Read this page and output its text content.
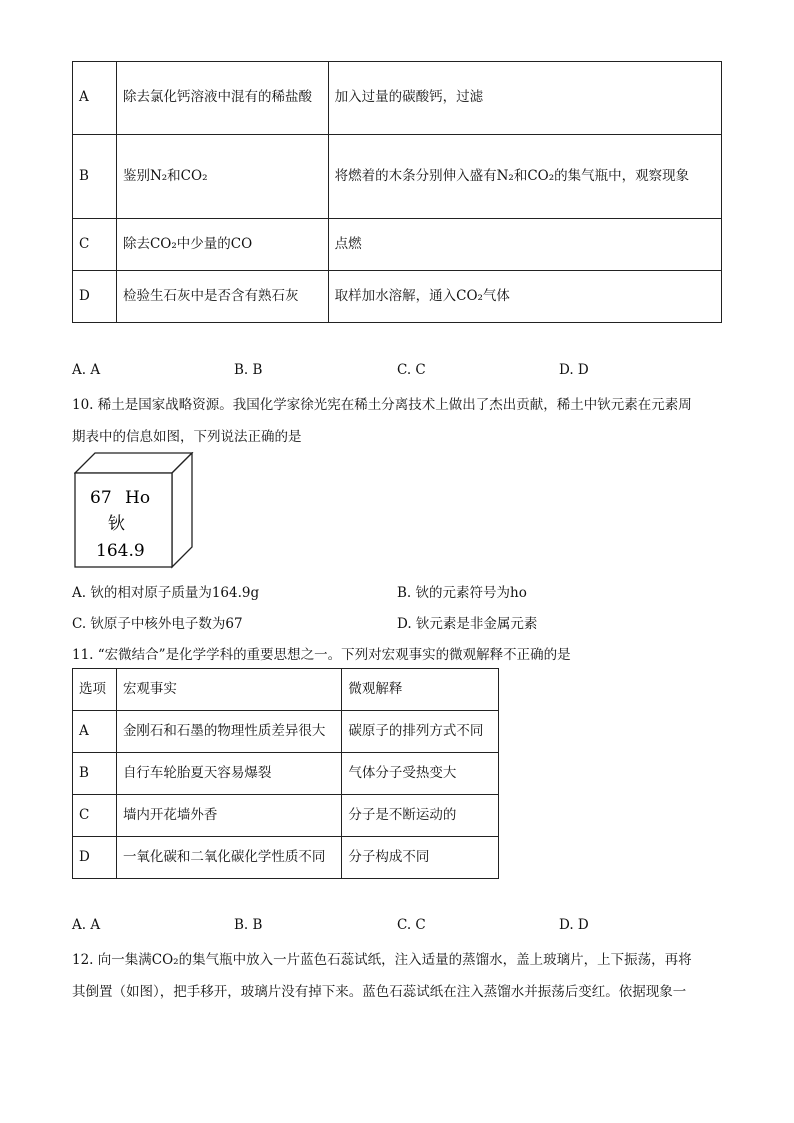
A	除去氯化钙溶液中混有的稀盐酸	加入过量的碳酸钙，过滤
B	鉴别N₂和CO₂	将燃着的木条分别伸入盛有N₂和CO₂的集气瓶中，观察现象
C	除去CO₂中少量的CO	点燃
D	检验生石灰中是否含有熟石灰	取样加水溶解，通入CO₂气体
A. A	B. B	C. C	D. D
10. 稀土是国家战略资源。我国化学家徐光宪在稀土分离技术上做出了杰出贡献，稀土中钬元素在元素周
期表中的信息如图，下列说法正确的是
67 Ho
钬
164.9
A. 钬的相对原子质量为164.9g	B. 钬的元素符号为ho
C. 钬原子中核外电子数为67	D. 钬元素是非金属元素
11. “宏微结合”是化学学科的重要思想之一。下列对宏观事实的微观解释不正确的是
选项	宏观事实	微观解释
A	金刚石和石墨的物理性质差异很大	碳原子的排列方式不同
B	自行车轮胎夏天容易爆裂	气体分子受热变大
C	墙内开花墙外香	分子是不断运动的
D	一氧化碳和二氧化碳化学性质不同	分子构成不同
A. A	B. B	C. C	D. D
12. 向一集满CO₂的集气瓶中放入一片蓝色石蕊试纸，注入适量的蒸馏水，盖上玻璃片，上下振荡，再将
其倒置（如图），把手移开，玻璃片没有掉下来。蓝色石蕊试纸在注入蒸馏水并振荡后变红。依据现象一
